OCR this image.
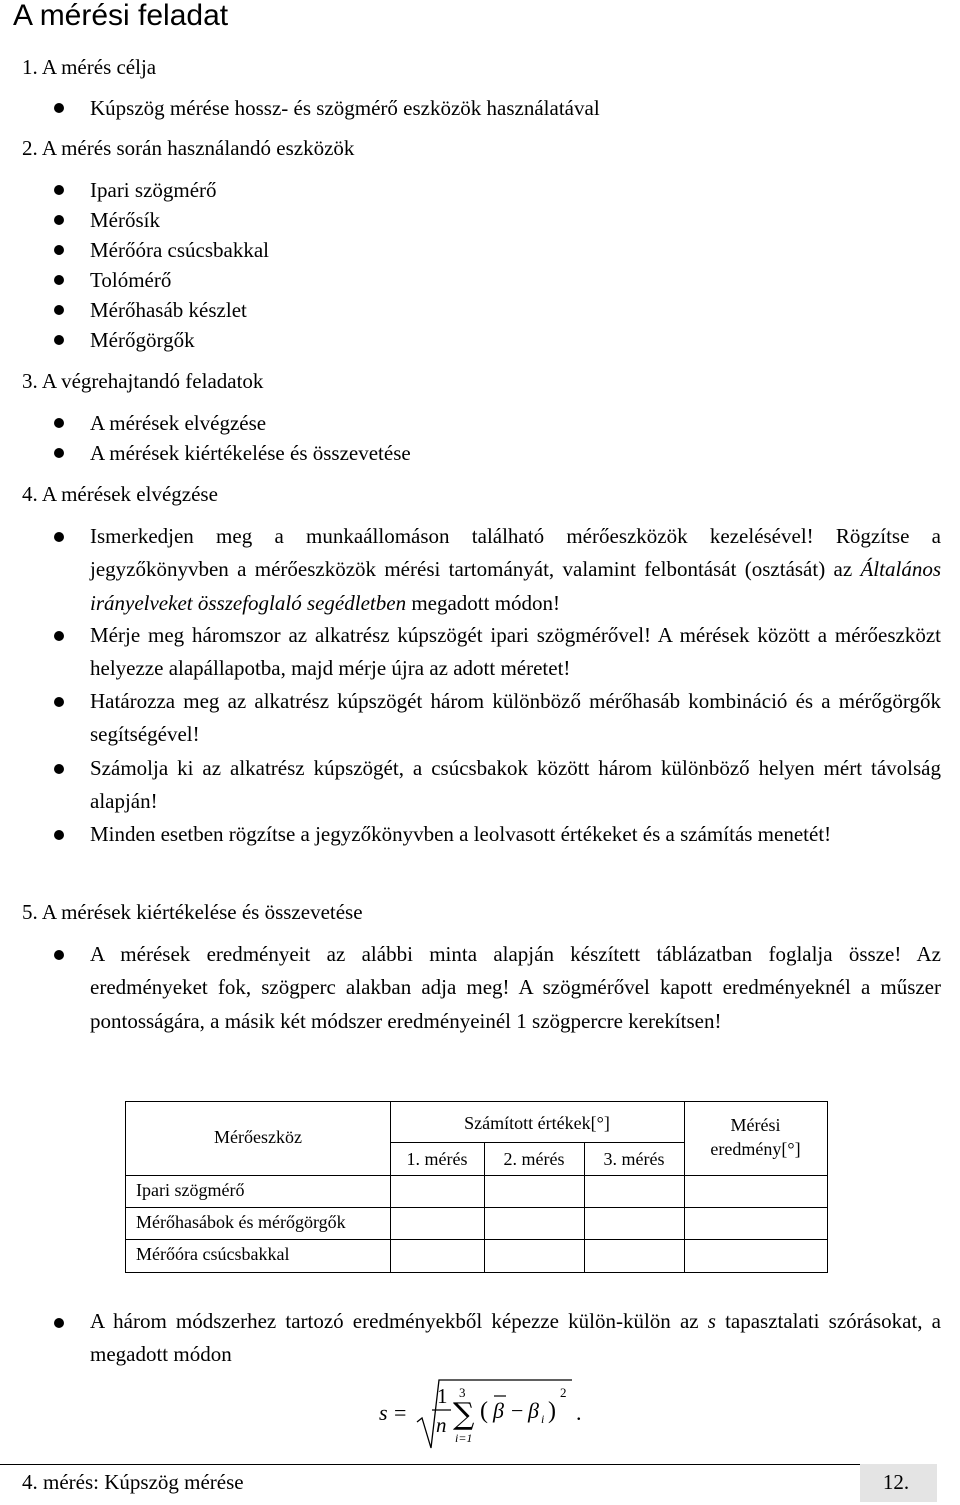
A mérési feladat
1. A mérés célja
Kúpszög mérése hossz- és szögmérő eszközök használatával
2. A mérés során használandó eszközök
Ipari szögmérő
Mérősík
Mérőóra csúcsbakkal
Tolómérő
Mérőhasáb készlet
Mérőgörgők
3. A végrehajtandó feladatok
A mérések elvégzése
A mérések kiértékelése és összevetése
4. A mérések elvégzése
Ismerkedjen meg a munkaállomáson található mérőeszközök kezelésével! Rögzítse a jegyzőkönyvben a mérőeszközök mérési tartományát, valamint felbontását (osztását) az Általános irányelveket összefoglaló segédletben megadott módon!
Mérje meg háromszor az alkatrész kúpszögét ipari szögmérővel! A mérések között a mérőeszközt helyezze alapállapotba, majd mérje újra az adott méretet!
Határozza meg az alkatrész kúpszögét három különböző mérőhasáb kombináció és a mérőgörgők segítségével!
Számolja ki az alkatrész kúpszögét, a csúcsbakok között három különböző helyen mért távolság alapján!
Minden esetben rögzítse a jegyzőkönyvben a leolvasott értékeket és a számítás menetét!
5. A mérések kiértékelése és összevetése
A mérések eredményeit az alábbi minta alapján készített táblázatban foglalja össze! Az eredményeket fok, szögperc alakban adja meg! A szögmérővel kapott eredményeknél a műszer pontosságára, a másik két módszer eredményeinél 1 szögpercre kerekítsen!
Mérőeszköz
Számított értékek[°]	Mérési
eredmény[°]
1. mérés	2. mérés	3. mérés
Ipari szögmérő
Mérőhasábok és mérőgörgők
Mérőóra csúcsbakkal
A három módszerhez tartozó eredményekből képezze külön-külön az s tapasztalati szórásokat, a megadott módon
s =
1
n
3
∑
i=1
( β − β i )
2
.
4. mérés: Kúpszög mérése	12.
